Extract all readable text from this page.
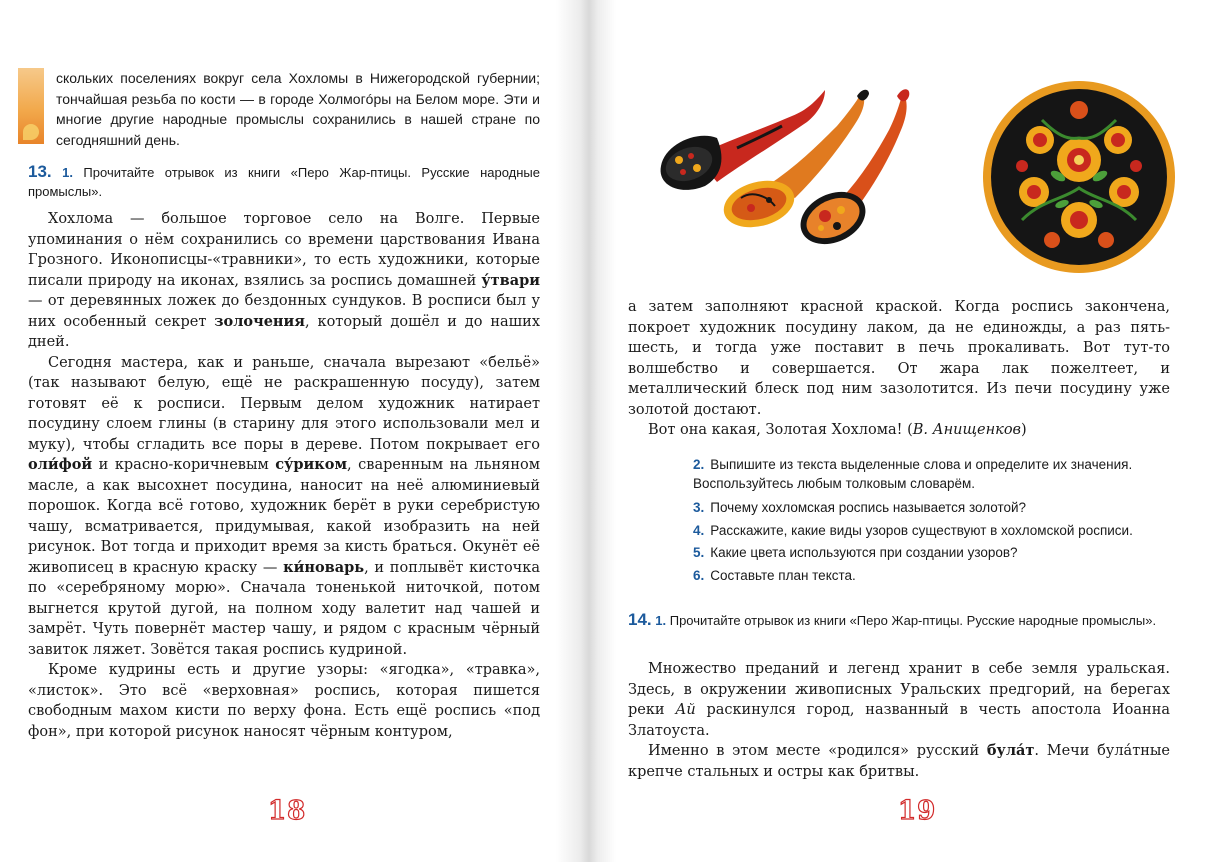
скольких поселениях вокруг села Хохломы в Нижегородской губернии; тончайшая резьба по кости — в городе Холмогóры на Белом море. Эти и многие другие народные промыслы сохранились в нашей стране по сегодняшний день.
13. 1. Прочитайте отрывок из книги «Перо Жар-птицы. Русские народные промыслы».

Хохлома — большое торговое село на Волге. Первые упоминания о нём сохранились со времени царствования Ивана Грозного. Иконописцы-«травники», то есть художники, которые писали природу на иконах, взялись за роспись домашней у́твари — от деревянных ложек до бездонных сундуков. В росписи был у них особенный секрет золочения, который дошёл и до наших дней.

Сегодня мастера, как и раньше, сначала вырезают «бельё» (так называют белую, ещё не раскрашенную посуду), затем готовят её к росписи. Первым делом художник натирает посудину слоем глины (в старину для этого использовали мел и муку), чтобы сгладить все поры в дереве. Потом покрывает его оли́фой и красно-коричневым су́риком, сваренным на льняном масле, а как высохнет посудина, наносит на неё алюминиевый порошок. Когда всё готово, художник берёт в руки серебристую чашу, всматривается, придумывая, какой изобразить на ней рисунок. Вот тогда и приходит время за кисть браться. Окунёт её живописец в красную краску — ки́новарь, и поплывёт кисточка по «серебряному морю». Сначала тоненькой ниточкой, потом выгнется крутой дугой, на полном ходу валетит над чашей и замрёт. Чуть повернёт мастер чашу, и рядом с красным чёрный завиток ляжет. Зовётся такая роспись кудриной.

Кроме кудрины есть и другие узоры: «ягодка», «травка», «листок». Это всё «верховная» роспись, которая пишется свободным махом кисти по верху фона. Есть ещё роспись «под фон», при которой рисунок наносят чёрным контуром,

18

а затем заполняют красной краской. Когда роспись закончена, покроет художник посудину лаком, да не единожды, а раз пять-шесть, и тогда уже поставит в печь прокаливать. Вот тут-то волшебство и совершается. От жара лак пожелтеет, и металлический блеск под ним зазолотится. Из печи посудину уже золотой достают.

Вот она какая, Золотая Хохлома! (В. Анищенков)

2. Выпишите из текста выделенные слова и определите их значения. Воспользуйтесь любым толковым словарём.
3. Почему хохломская роспись называется золотой?
4. Расскажите, какие виды узоров существуют в хохломской росписи.
5. Какие цвета используются при создании узоров?
6. Составьте план текста.
14. 1. Прочитайте отрывок из книги «Перо Жар-птицы. Русские народные промыслы».

Множество преданий и легенд хранит в себе земля уральская. Здесь, в окружении живописных Уральских предгорий, на берегах реки Ай раскинулся город, названный в честь апостола Иоанна Златоуста.

Именно в этом месте «родился» русский була́т. Мечи була́тные крепче стальных и остры как бритвы.

19
